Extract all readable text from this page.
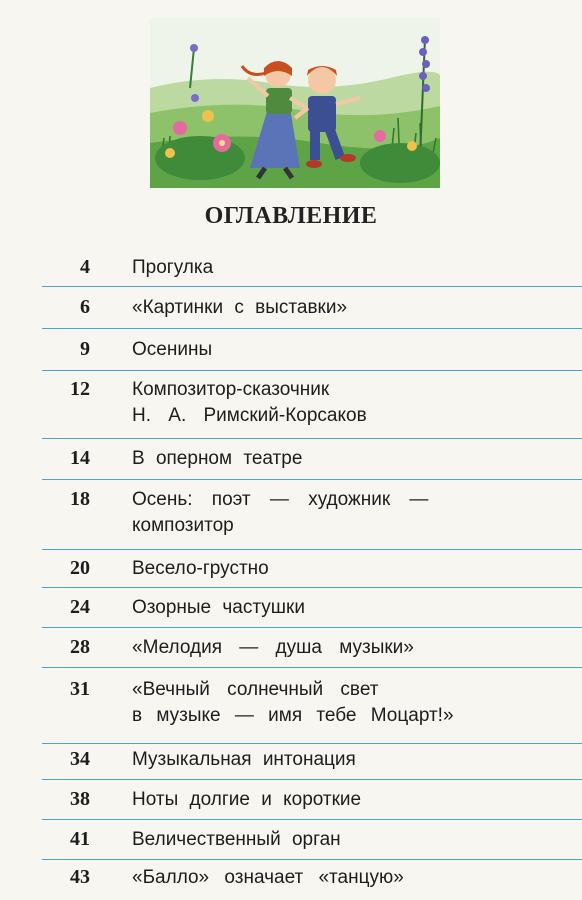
ОГЛАВЛЕНИЕ
4 Прогулка
6 «Картинки с выставки»
9 Осенины
12 Композитор-сказочник
Н. А. Римский-Корсаков
14 В оперном театре
18 Осень: поэт — художник —
композитор
20 Весело-грустно
24 Озорные частушки
28 «Мелодия — душа музыки»
31 «Вечный солнечный свет
в музыке — имя тебе Моцарт!»
34 Музыкальная интонация
38 Ноты долгие и короткие
41 Величественный орган
43 «Балло» означает «танцую»
